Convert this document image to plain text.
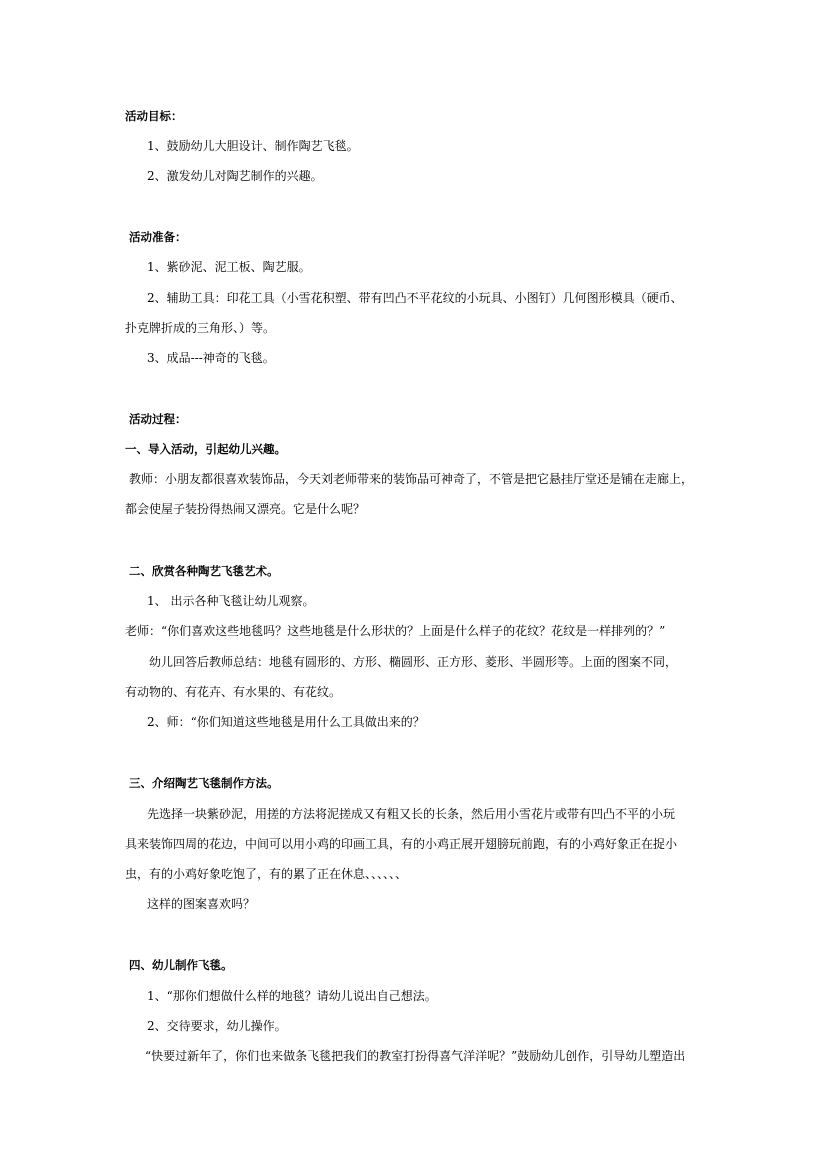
活动目标：
1、鼓励幼儿大胆设计、制作陶艺飞毯。
2、激发幼儿对陶艺制作的兴趣。
活动准备：
1、紫砂泥、泥工板、陶艺服。
2、辅助工具：印花工具（小雪花积塑、带有凹凸不平花纹的小玩具、小图钉）几何图形模具（硬币、
扑克牌折成的三角形、）等。
3、成品---神奇的飞毯。
活动过程：
一、导入活动，引起幼儿兴趣。
教师：小朋友都很喜欢装饰品，今天刘老师带来的装饰品可神奇了，不管是把它悬挂厅堂还是铺在走廊上，
都会使屋子装扮得热闹又漂亮。它是什么呢？
二、欣赏各种陶艺飞毯艺术。
1、 出示各种飞毯让幼儿观察。
老师：“你们喜欢这些地毯吗？这些地毯是什么形状的？上面是什么样子的花纹？花纹是一样排列的？”
幼儿回答后教师总结：地毯有圆形的、方形、椭圆形、正方形、菱形、半圆形等。上面的图案不同，
有动物的、有花卉、有水果的、有花纹。
2、师：“你们知道这些地毯是用什么工具做出来的？
三、介绍陶艺飞毯制作方法。
先选择一块紫砂泥，用搓的方法将泥搓成又有粗又长的长条，然后用小雪花片或带有凹凸不平的小玩
具来装饰四周的花边，中间可以用小鸡的印画工具，有的小鸡正展开翅膀玩前跑，有的小鸡好象正在捉小
虫，有的小鸡好象吃饱了，有的累了正在休息、、、、、、
这样的图案喜欢吗？
四、幼儿制作飞毯。
1、“那你们想做什么样的地毯？请幼儿说出自己想法。
2、交待要求，幼儿操作。
“快要过新年了，你们也来做条飞毯把我们的教室打扮得喜气洋洋呢？”鼓励幼儿创作，引导幼儿塑造出
